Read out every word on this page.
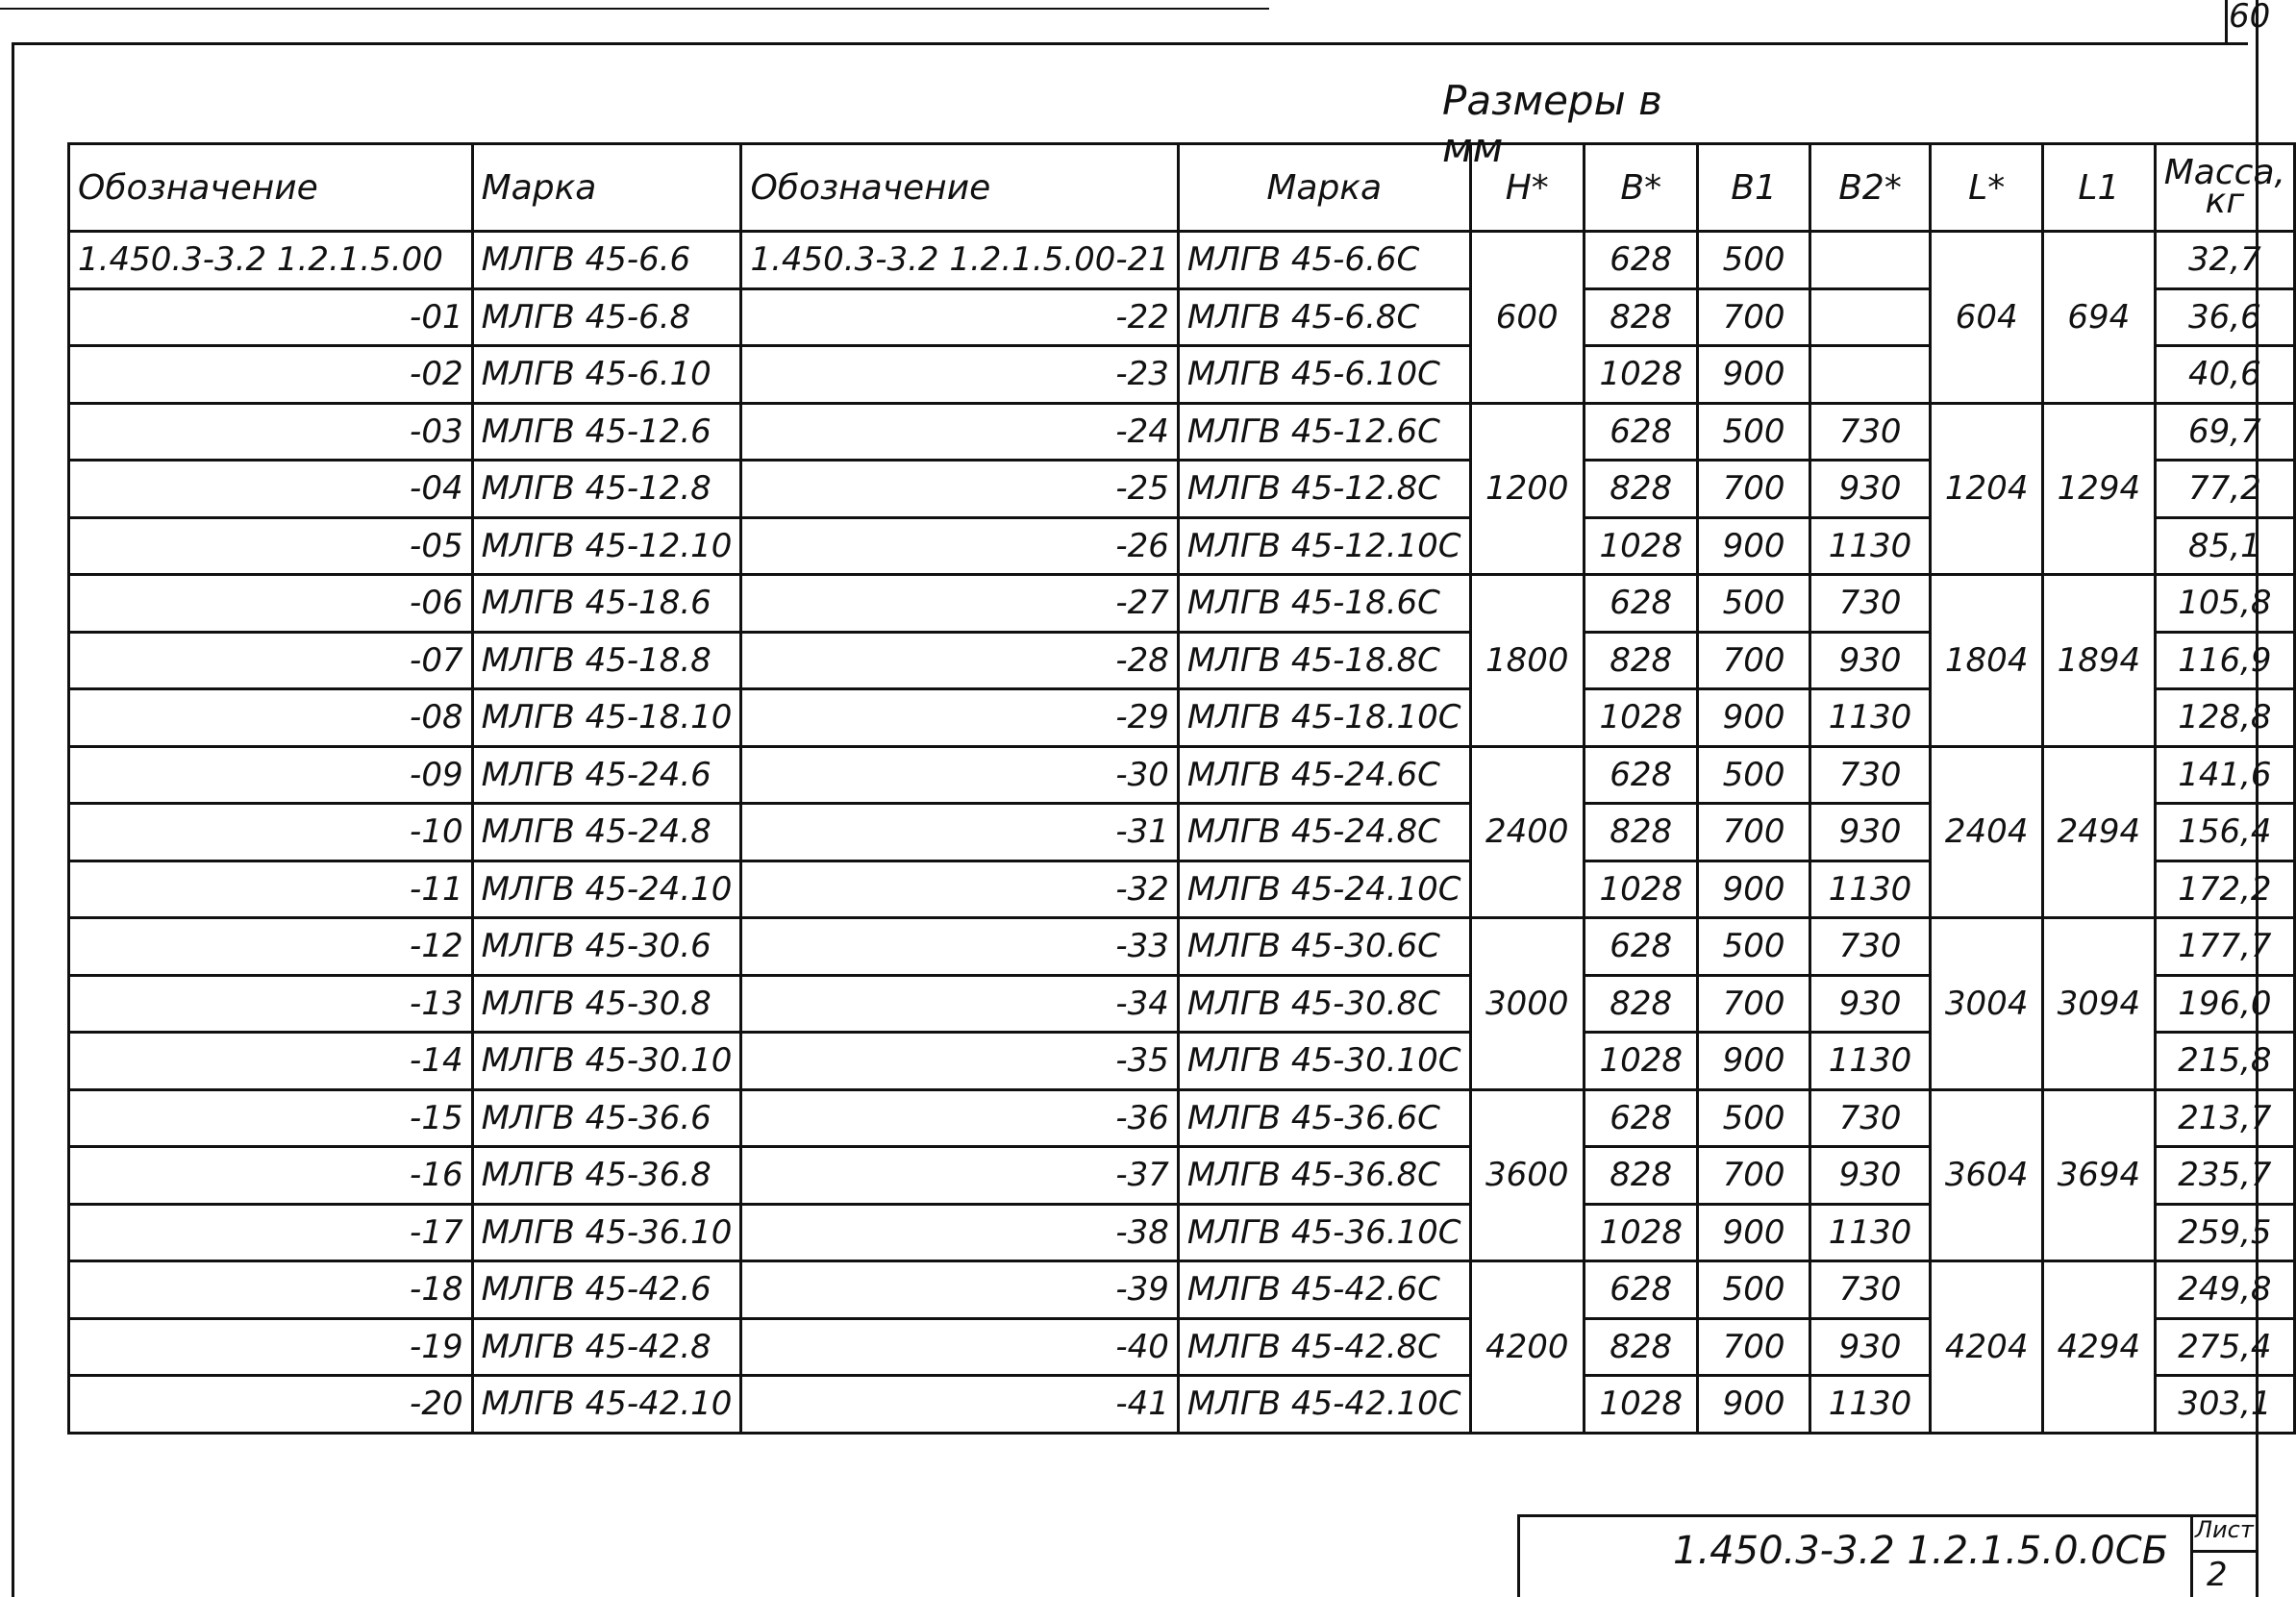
60
Размеры в мм
Обозначение	Марка	Обозначение	Марка	H*	B*	B1	B2*	L*	L1	Масса,
кг

1.450.3-3.2 1.2.1.5.00	МЛГВ 45-6.6	1.450.3-3.2 1.2.1.5.00-21	МЛГВ 45-6.6С	600	628	500		604	694	32,7
-01	МЛГВ 45-6.8	-22	МЛГВ 45-6.8С		828	700				36,6
-02	МЛГВ 45-6.10	-23	МЛГВ 45-6.10С		1028	900				40,6
-03	МЛГВ 45-12.6	-24	МЛГВ 45-12.6С	1200	628	500	730	1204	1294	69,7
-04	МЛГВ 45-12.8	-25	МЛГВ 45-12.8С		828	700	930			77,2
-05	МЛГВ 45-12.10	-26	МЛГВ 45-12.10С		1028	900	1130			85,1
-06	МЛГВ 45-18.6	-27	МЛГВ 45-18.6С	1800	628	500	730	1804	1894	105,8
-07	МЛГВ 45-18.8	-28	МЛГВ 45-18.8С		828	700	930			116,9
-08	МЛГВ 45-18.10	-29	МЛГВ 45-18.10С		1028	900	1130			128,8
-09	МЛГВ 45-24.6	-30	МЛГВ 45-24.6С	2400	628	500	730	2404	2494	141,6
-10	МЛГВ 45-24.8	-31	МЛГВ 45-24.8С		828	700	930			156,4
-11	МЛГВ 45-24.10	-32	МЛГВ 45-24.10С		1028	900	1130			172,2
-12	МЛГВ 45-30.6	-33	МЛГВ 45-30.6С	3000	628	500	730	3004	3094	177,7
-13	МЛГВ 45-30.8	-34	МЛГВ 45-30.8С		828	700	930			196,0
-14	МЛГВ 45-30.10	-35	МЛГВ 45-30.10С		1028	900	1130			215,8
-15	МЛГВ 45-36.6	-36	МЛГВ 45-36.6С	3600	628	500	730	3604	3694	213,7
-16	МЛГВ 45-36.8	-37	МЛГВ 45-36.8С		828	700	930			235,7
-17	МЛГВ 45-36.10	-38	МЛГВ 45-36.10С		1028	900	1130			259,5
-18	МЛГВ 45-42.6	-39	МЛГВ 45-42.6С	4200	628	500	730	4204	4294	249,8
-19	МЛГВ 45-42.8	-40	МЛГВ 45-42.8С		828	700	930			275,4
-20	МЛГВ 45-42.10	-41	МЛГВ 45-42.10С		1028	900	1130			303,1
1.450.3-3.2 1.2.1.5.0.0СБ Лист
2
